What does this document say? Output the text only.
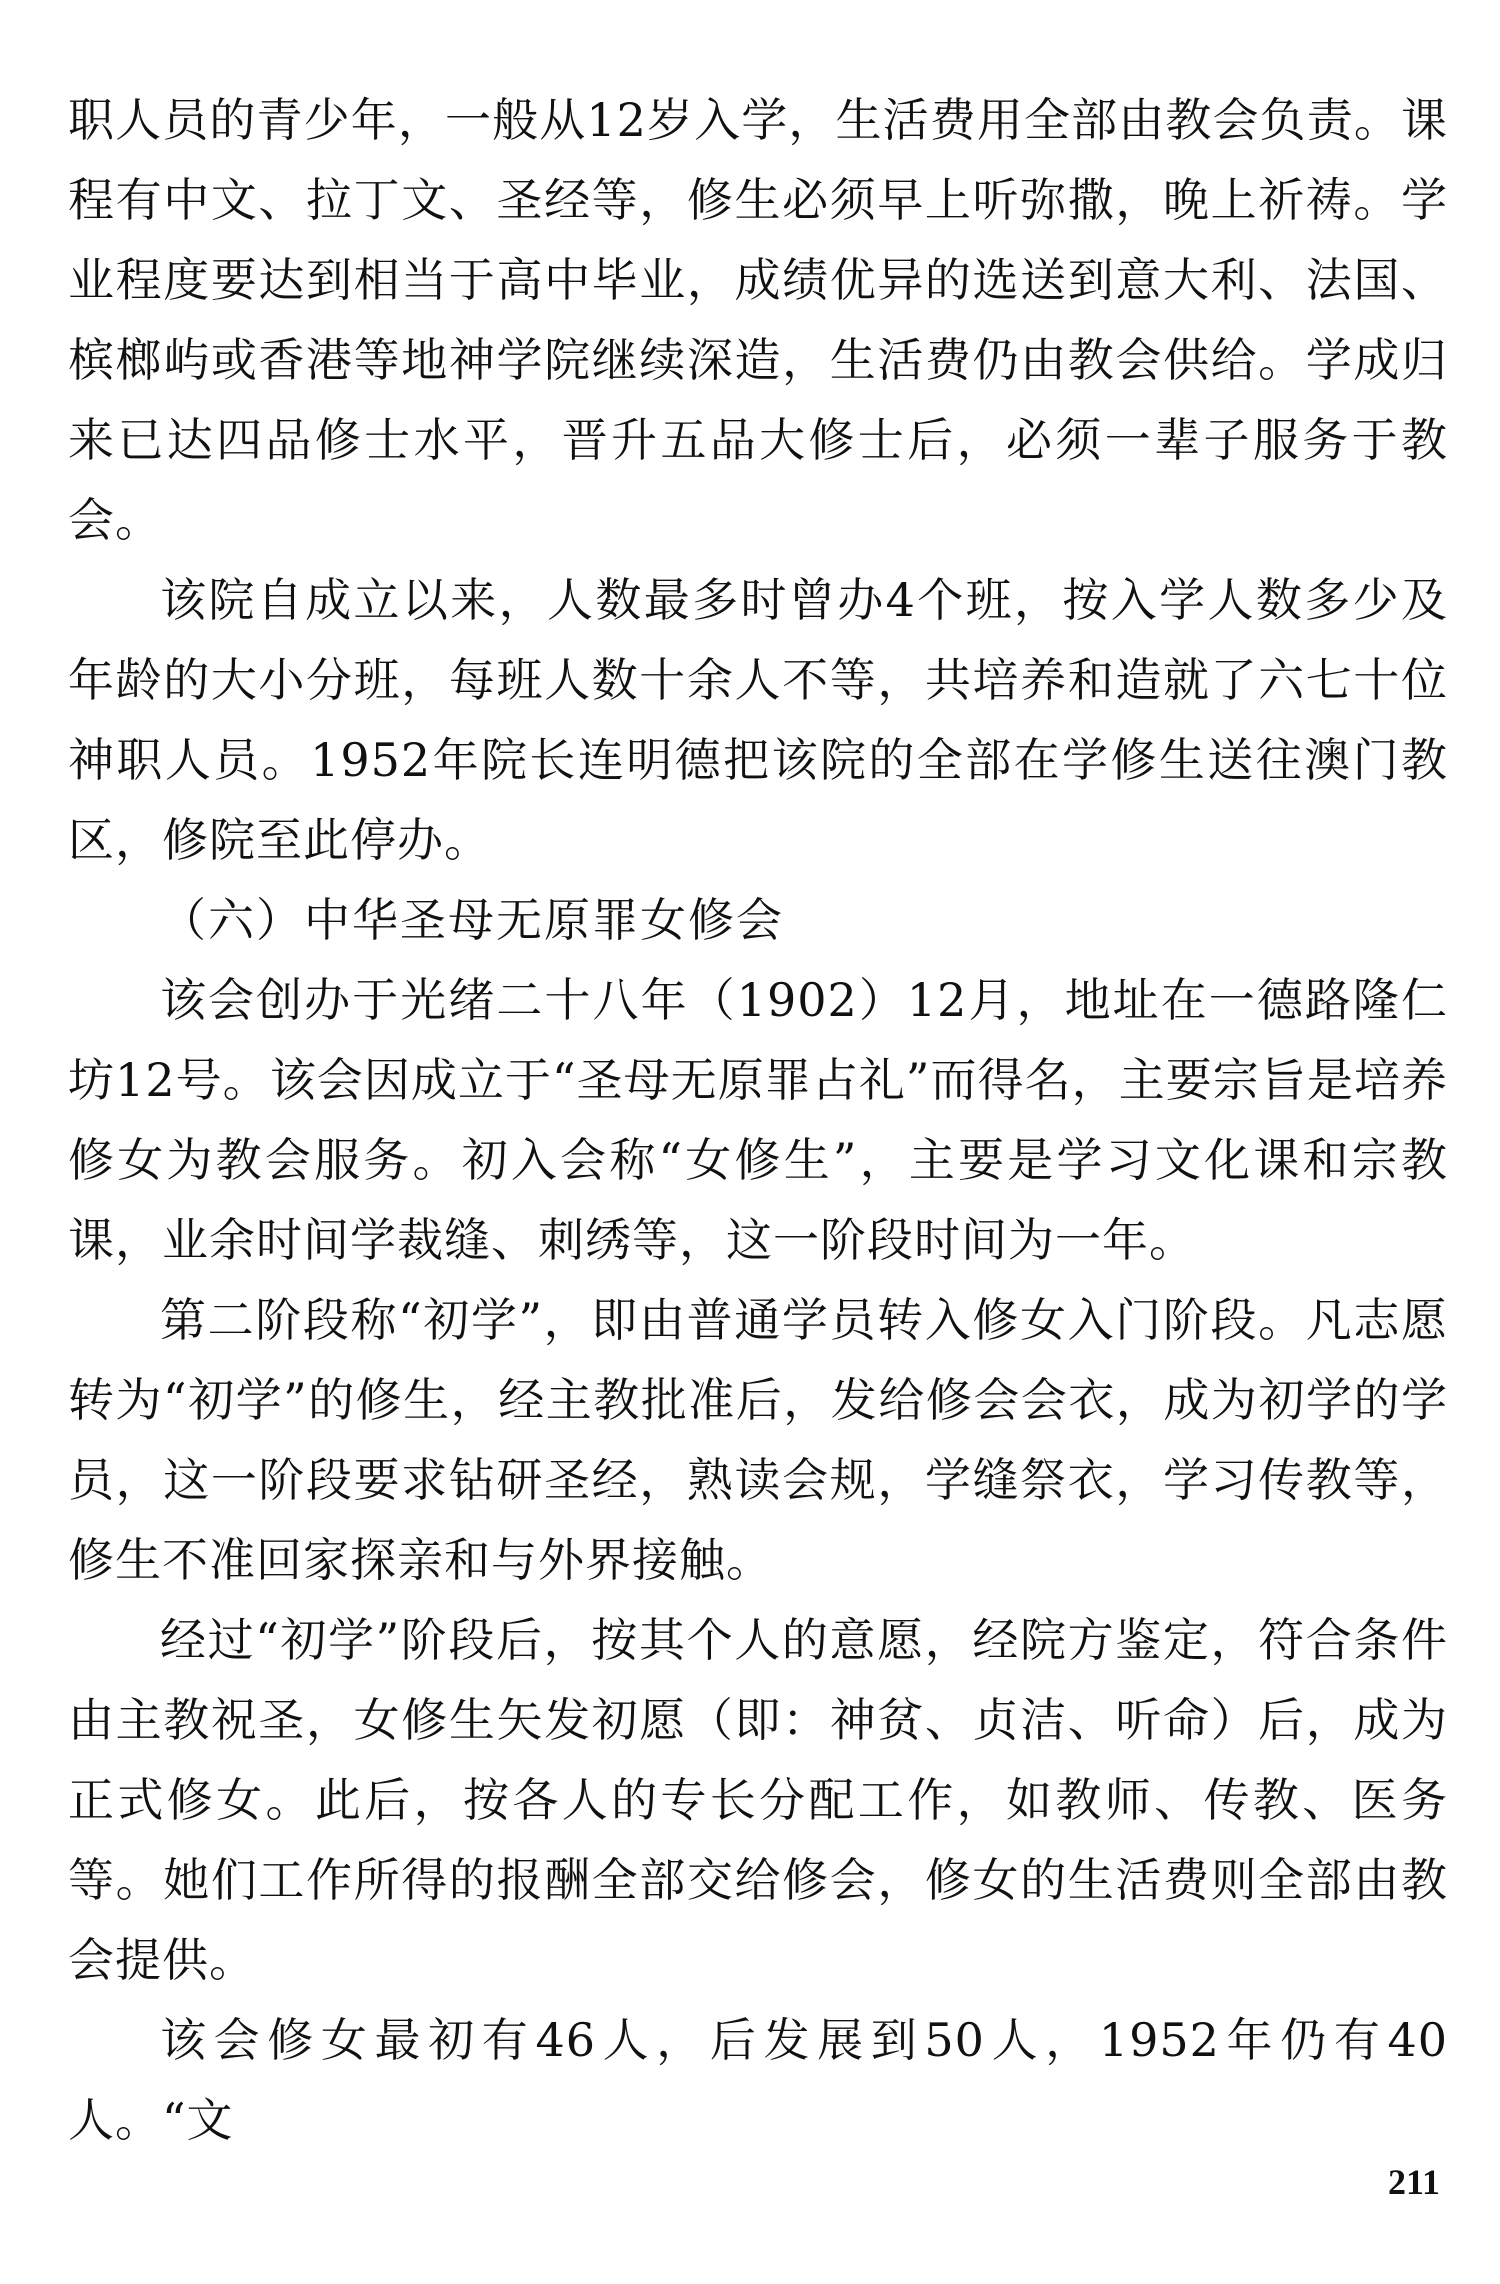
职人员的青少年，一般从12岁入学，生活费用全部由教会负责。课程有中文、拉丁文、圣经等，修生必须早上听弥撒，晚上祈祷。学业程度要达到相当于高中毕业，成绩优异的选送到意大利、法国、槟榔屿或香港等地神学院继续深造，生活费仍由教会供给。学成归来已达四品修士水平，晋升五品大修士后，必须一辈子服务于教会。

该院自成立以来，人数最多时曾办4个班，按入学人数多少及年龄的大小分班，每班人数十余人不等，共培养和造就了六七十位神职人员。1952年院长连明德把该院的全部在学修生送往澳门教区，修院至此停办。

（六）中华圣母无原罪女修会

该会创办于光绪二十八年（1902）12月，地址在一德路隆仁坊12号。该会因成立于“圣母无原罪占礼”而得名，主要宗旨是培养修女为教会服务。初入会称“女修生”，主要是学习文化课和宗教课，业余时间学裁缝、刺绣等，这一阶段时间为一年。

第二阶段称“初学”，即由普通学员转入修女入门阶段。凡志愿转为“初学”的修生，经主教批准后，发给修会会衣，成为初学的学员，这一阶段要求钻研圣经，熟读会规，学缝祭衣，学习传教等，修生不准回家探亲和与外界接触。

经过“初学”阶段后，按其个人的意愿，经院方鉴定，符合条件由主教祝圣，女修生矢发初愿（即：神贫、贞洁、听命）后，成为正式修女。此后，按各人的专长分配工作，如教师、传教、医务等。她们工作所得的报酬全部交给修会，修女的生活费则全部由教会提供。

该会修女最初有46人，后发展到50人，1952年仍有40人。“文

211
